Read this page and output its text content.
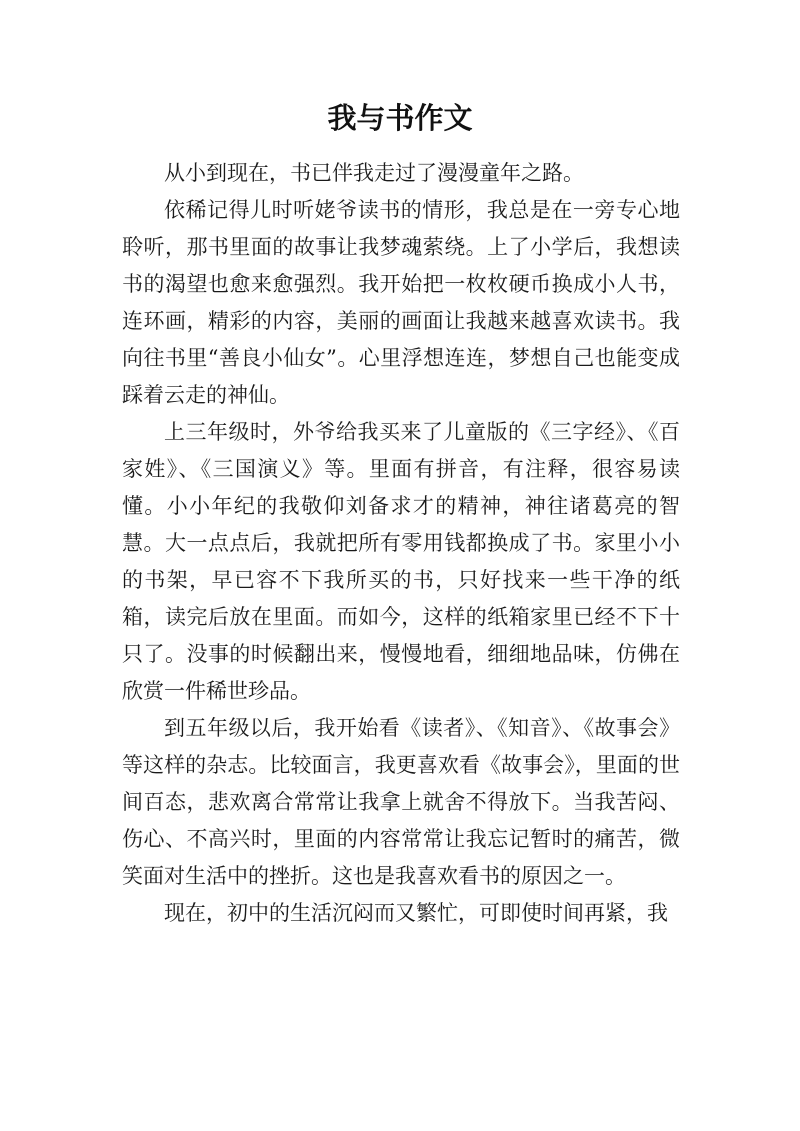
我与书作文

从小到现在，书已伴我走过了漫漫童年之路。

依稀记得儿时听姥爷读书的情形，我总是在一旁专心地聆听，那书里面的故事让我梦魂萦绕。上了小学后，我想读书的渴望也愈来愈强烈。我开始把一枚枚硬币换成小人书，连环画，精彩的内容，美丽的画面让我越来越喜欢读书。我向往书里“善良小仙女”。心里浮想连连，梦想自己也能变成踩着云走的神仙。

上三年级时，外爷给我买来了儿童版的《三字经》、《百家姓》、《三国演义》等。里面有拼音，有注释，很容易读懂。小小年纪的我敬仰刘备求才的精神，神往诸葛亮的智慧。大一点点后，我就把所有零用钱都换成了书。家里小小的书架，早已容不下我所买的书，只好找来一些干净的纸箱，读完后放在里面。而如今，这样的纸箱家里已经不下十只了。没事的时候翻出来，慢慢地看，细细地品味，仿佛在欣赏一件稀世珍品。

到五年级以后，我开始看《读者》、《知音》、《故事会》等这样的杂志。比较面言，我更喜欢看《故事会》，里面的世间百态，悲欢离合常常让我拿上就舍不得放下。当我苦闷、伤心、不高兴时，里面的内容常常让我忘记暂时的痛苦，微笑面对生活中的挫折。这也是我喜欢看书的原因之一。

现在，初中的生活沉闷而又繁忙，可即使时间再紧，我
